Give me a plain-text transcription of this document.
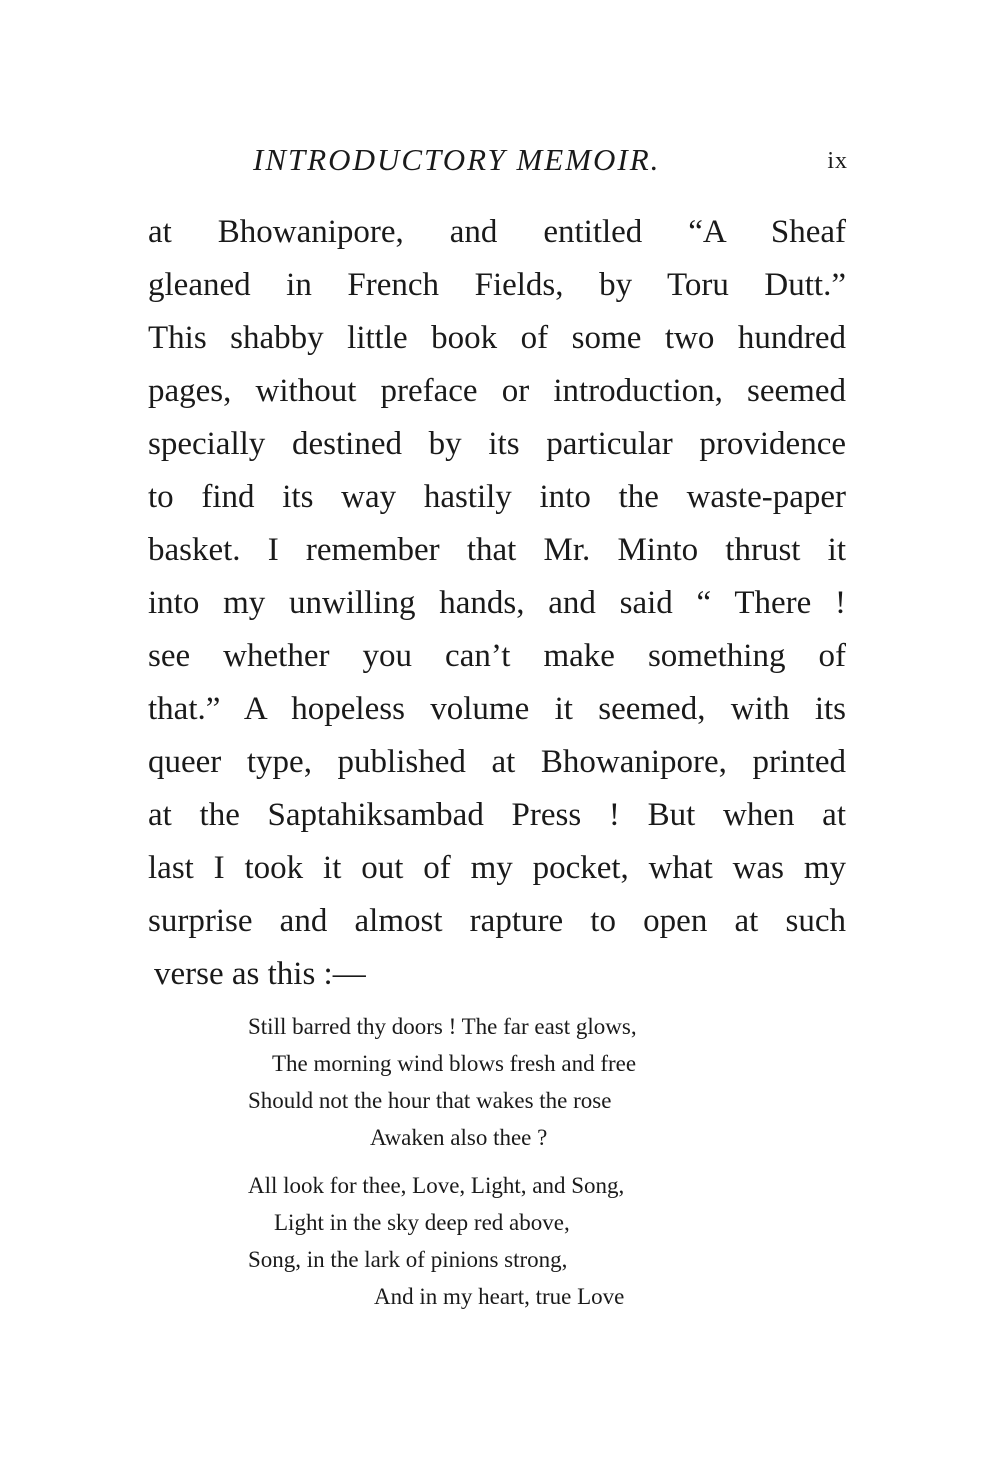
INTRODUCTORY MEMOIR.	ix
at Bhowanipore, and entitled “A Sheaf
gleaned in French Fields, by Toru Dutt.”
This shabby little book of some two hundred
pages, without preface or introduction, seemed
specially destined by its particular providence
to find its way hastily into the waste-paper
basket. I remember that Mr. Minto thrust it
into my unwilling hands, and said “ There !
see whether you can’t make something of
that.” A hopeless volume it seemed, with its
queer type, published at Bhowanipore, printed
at the Saptahiksambad Press ! But when at
last I took it out of my pocket, what was my
surprise and almost rapture to open at such
verse as this :—
Still barred thy doors ! The far east glows,
The morning wind blows fresh and free
Should not the hour that wakes the rose
Awaken also thee ?
All look for thee, Love, Light, and Song,
Light in the sky deep red above,
Song, in the lark of pinions strong,
And in my heart, true Love
